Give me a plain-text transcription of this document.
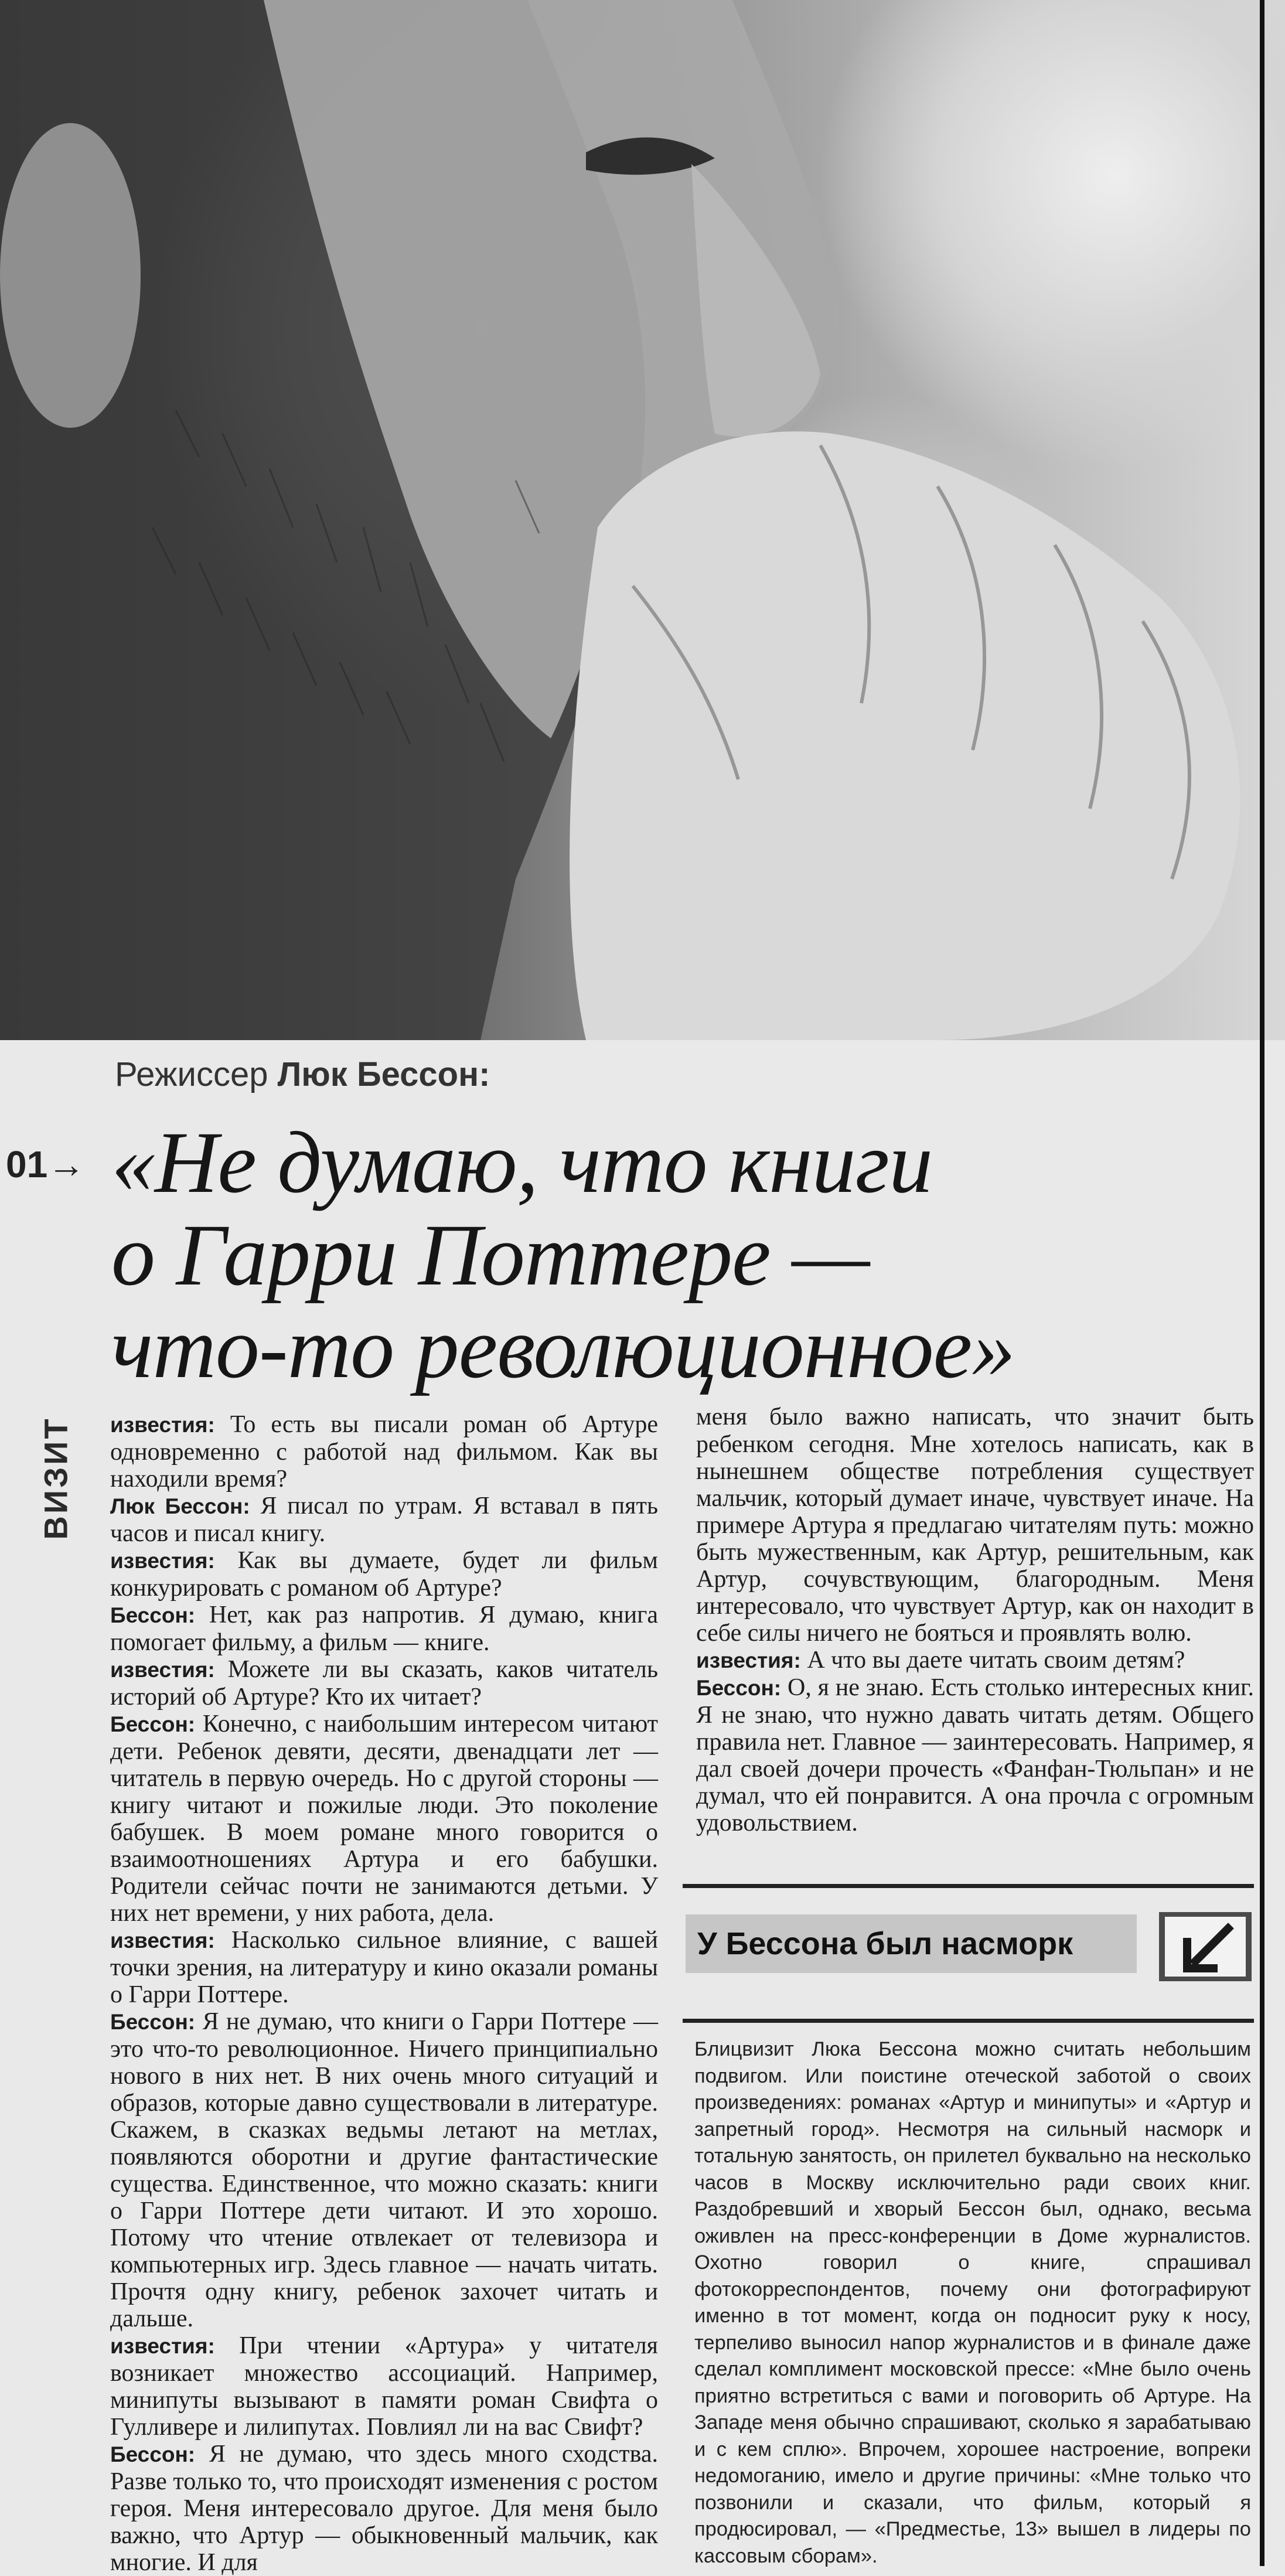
Режиссер Люк Бессон:
01→ «Не думаю, что книги
о Гарри Поттере —
что-то революционное»
ВИЗИТ известия: То есть вы писали роман об Артуре одновременно с работой над фильмом. Как вы находили время?

Люк Бессон: Я писал по утрам. Я вставал в пять часов и писал книгу.

известия: Как вы думаете, будет ли фильм конкурировать с романом об Артуре?

Бессон: Нет, как раз напротив. Я думаю, книга помогает фильму, а фильм — книге.

известия: Можете ли вы сказать, каков читатель историй об Артуре? Кто их читает?

Бессон: Конечно, с наибольшим интересом читают дети. Ребенок девяти, десяти, двенадцати лет — читатель в первую очередь. Но с другой стороны — книгу читают и пожилые люди. Это поколение бабушек. В моем романе много говорится о взаимоотношениях Артура и его бабушки. Родители сейчас почти не занимаются детьми. У них нет времени, у них работа, дела.

известия: Насколько сильное влияние, с вашей точки зрения, на литературу и кино оказали романы о Гарри Поттере.

Бессон: Я не думаю, что книги о Гарри Поттере — это что-то революционное. Ничего принципиально нового в них нет. В них очень много ситуаций и образов, которые давно существовали в литературе. Скажем, в сказках ведьмы летают на метлах, появляются оборотни и другие фантастические существа. Единственное, что можно сказать: книги о Гарри Поттере дети читают. И это хорошо. Потому что чтение отвлекает от телевизора и компьютерных игр. Здесь главное — начать читать. Прочтя одну книгу, ребенок захочет читать и дальше.

известия: При чтении «Артура» у читателя возникает множество ассоциаций. Например, минипуты вызывают в памяти роман Свифта о Гулливере и лилипутах. Повлиял ли на вас Свифт?

Бессон: Я не думаю, что здесь много сходства. Разве только то, что происходят изменения с ростом героя. Меня интересовало другое. Для меня было важно, что Артур — обыкновенный мальчик, как многие. И для

меня было важно написать, что значит быть ребенком сегодня. Мне хотелось написать, как в нынешнем обществе потребления существует мальчик, который думает иначе, чувствует иначе. На примере Артура я предлагаю читателям путь: можно быть мужественным, как Артур, решительным, как Артур, сочувствующим, благородным. Меня интересовало, что чувствует Артур, как он находит в себе силы ничего не бояться и проявлять волю.

известия: А что вы даете читать своим детям?

Бессон: О, я не знаю. Есть столько интересных книг. Я не знаю, что нужно давать читать детям. Общего правила нет. Главное — заинтересовать. Например, я дал своей дочери прочесть «Фанфан-Тюльпан» и не думал, что ей понравится. А она прочла с огромным удовольствием.

У Бессона был насморк
Блицвизит Люка Бессона можно считать небольшим подвигом. Или поистине отеческой заботой о своих произведениях: романах «Артур и минипуты» и «Артур и запретный город». Несмотря на сильный насморк и тотальную занятость, он прилетел буквально на несколько часов в Москву исключительно ради своих книг. Раздобревший и хворый Бессон был, однако, весьма оживлен на пресс-конференции в Доме журналистов. Охотно говорил о книге, спрашивал фотокорреспондентов, почему они фотографируют именно в тот момент, когда он подносит руку к носу, терпеливо выносил напор журналистов и в финале даже сделал комплимент московской прессе: «Мне было очень приятно встретиться с вами и поговорить об Артуре. На Западе меня обычно спрашивают, сколько я зарабатываю и с кем сплю». Впрочем, хорошее настроение, вопреки недомоганию, имело и другие причины: «Мне только что позвонили и сказали, что фильм, который я продюсировал, — «Предместье, 13» вышел в лидеры по кассовым сборам».
